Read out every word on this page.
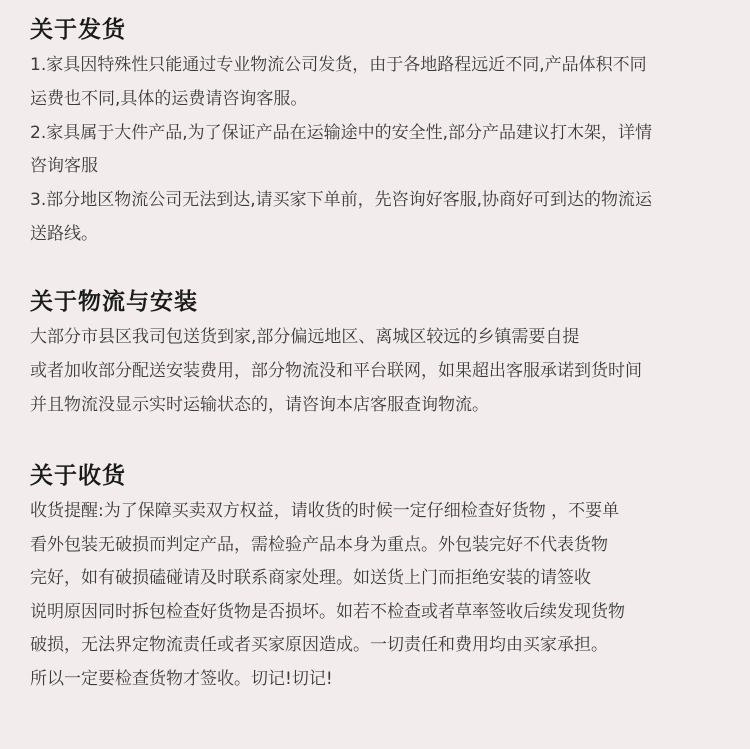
关于发货
1.家具因特殊性只能通过专业物流公司发货，由于各地路程远近不同,产品体积不同
运费也不同,具体的运费请咨询客服。
2.家具属于大件产品,为了保证产品在运输途中的安全性,部分产品建议打木架，详情
咨询客服
3.部分地区物流公司无法到达,请买家下单前，先咨询好客服,协商好可到达的物流运
送路线。
关于物流与安装
大部分市县区我司包送货到家,部分偏远地区、离城区较远的乡镇需要自提
或者加收部分配送安装费用，部分物流没和平台联网，如果超出客服承诺到货时间
并且物流没显示实时运输状态的，请咨询本店客服查询物流。
关于收货
收货提醒:为了保障买卖双方权益，请收货的时候一定仔细检查好货物 ，不要单
看外包装无破损而判定产品，需检验产品本身为重点。外包装完好不代表货物
完好，如有破损磕碰请及时联系商家处理。如送货上门而拒绝安装的请签收
说明原因同时拆包检查好货物是否损坏。如若不检查或者草率签收后续发现货物
破损，无法界定物流责任或者买家原因造成。一切责任和费用均由买家承担。
所以一定要检查货物才签收。切记!切记!
